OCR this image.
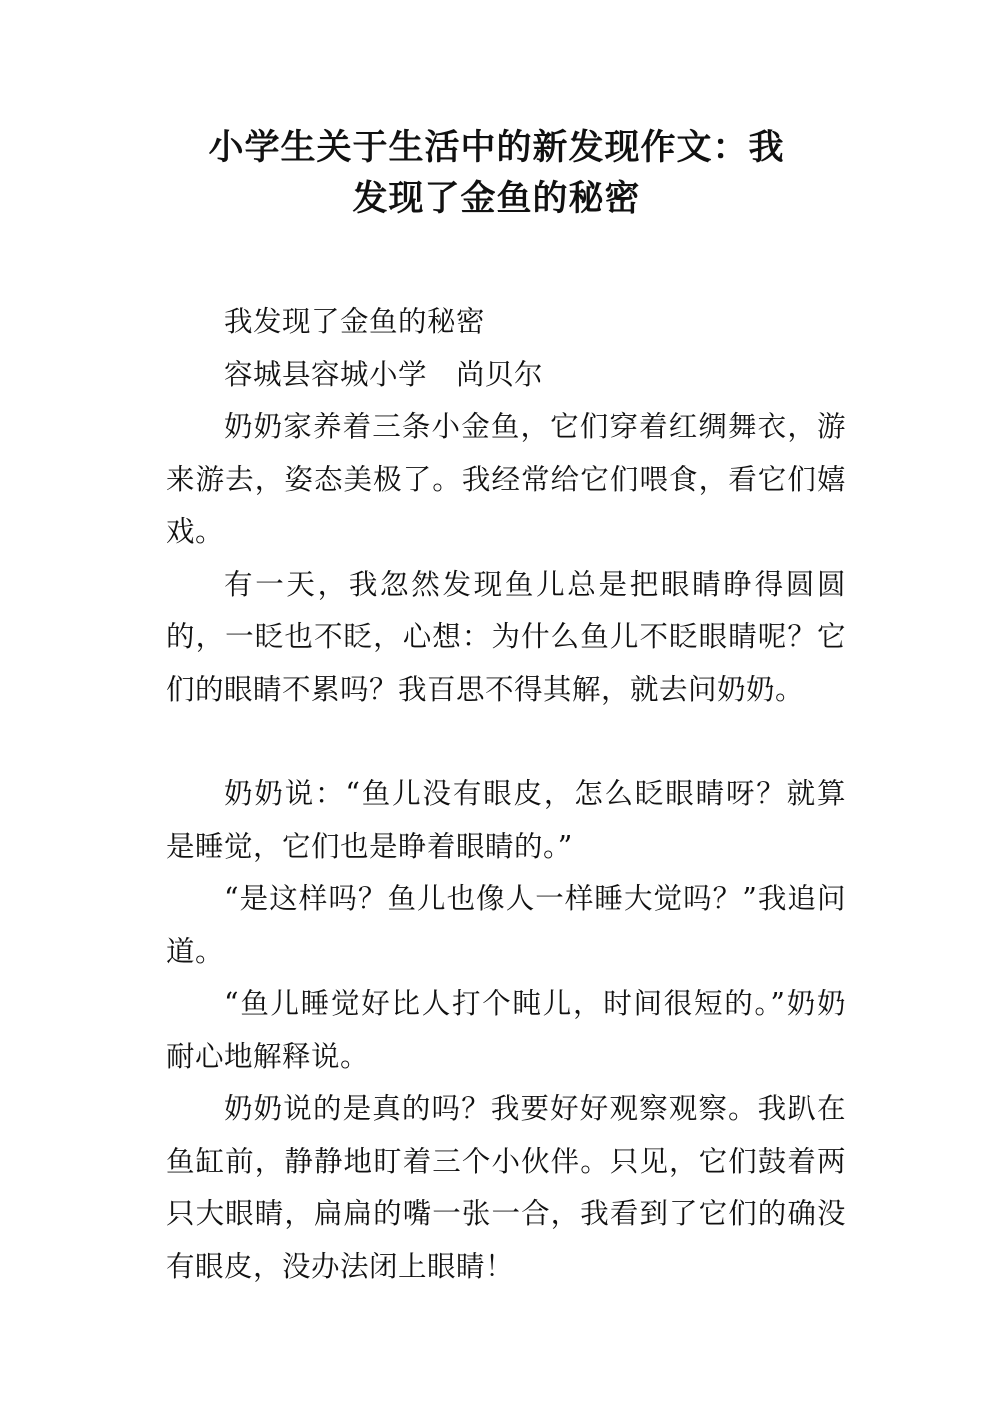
小学生关于生活中的新发现作文：我
发现了金鱼的秘密

我发现了金鱼的秘密

容城县容城小学　尚贝尔

奶奶家养着三条小金鱼，它们穿着红绸舞衣，游来游去，姿态美极了。我经常给它们喂食，看它们嬉戏。

有一天，我忽然发现鱼儿总是把眼睛睁得圆圆的，一眨也不眨，心想：为什么鱼儿不眨眼睛呢？它们的眼睛不累吗？我百思不得其解，就去问奶奶。

奶奶说：“鱼儿没有眼皮，怎么眨眼睛呀？就算是睡觉，它们也是睁着眼睛的。”

“是这样吗？鱼儿也像人一样睡大觉吗？”我追问道。

“鱼儿睡觉好比人打个盹儿，时间很短的。”奶奶耐心地解释说。

奶奶说的是真的吗？我要好好观察观察。我趴在鱼缸前，静静地盯着三个小伙伴。只见，它们鼓着两只大眼睛，扁扁的嘴一张一合，我看到了它们的确没有眼皮，没办法闭上眼睛！
